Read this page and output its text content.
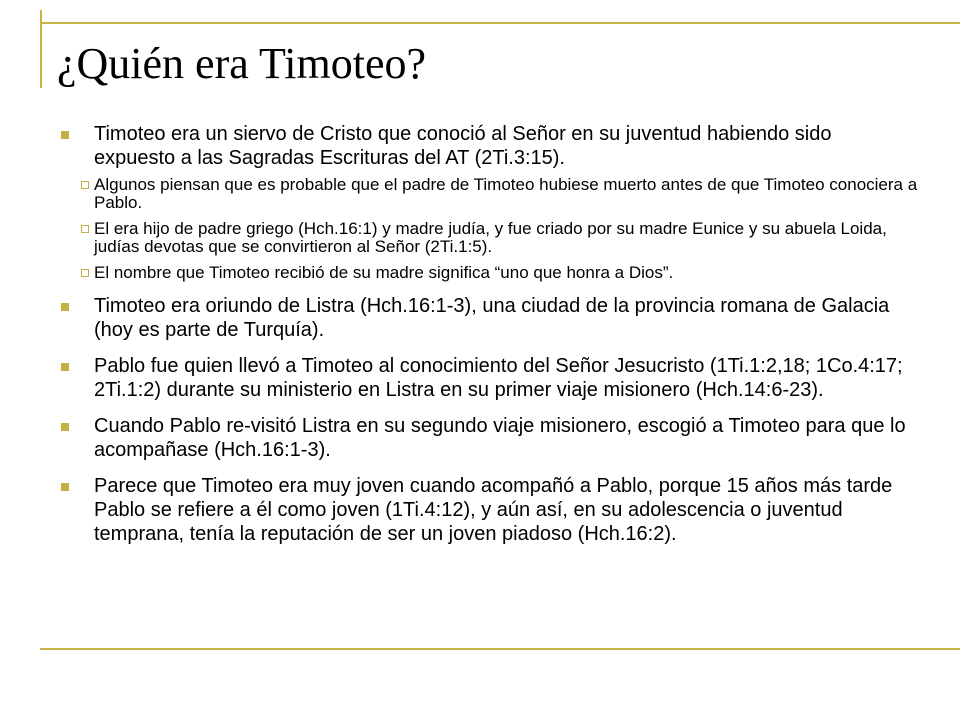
¿Quién era Timoteo?
Timoteo era un siervo de Cristo que conoció al Señor en su juventud habiendo sido expuesto a las Sagradas Escrituras del AT (2Ti.3:15).
Algunos piensan que es probable que el padre de Timoteo hubiese muerto antes de que Timoteo conociera a Pablo.
El era hijo de padre griego (Hch.16:1) y madre judía, y fue criado por su madre Eunice y su abuela Loida, judías devotas que se convirtieron al Señor (2Ti.1:5).
El nombre que Timoteo recibió de su madre significa “uno que honra a Dios”.
Timoteo era oriundo de Listra (Hch.16:1-3), una ciudad de la provincia romana de Galacia (hoy es parte de Turquía).
Pablo fue quien llevó a Timoteo al conocimiento del Señor Jesucristo (1Ti.1:2,18; 1Co.4:17; 2Ti.1:2) durante su ministerio en Listra en su primer viaje misionero (Hch.14:6-23).
Cuando Pablo re-visitó Listra en su segundo viaje misionero, escogió a Timoteo para que lo acompañase (Hch.16:1-3).
Parece que Timoteo era muy joven cuando acompañó a Pablo, porque 15 años más tarde Pablo se refiere a él como joven (1Ti.4:12), y aún así, en su adolescencia o juventud temprana, tenía la reputación de ser un joven piadoso (Hch.16:2).
